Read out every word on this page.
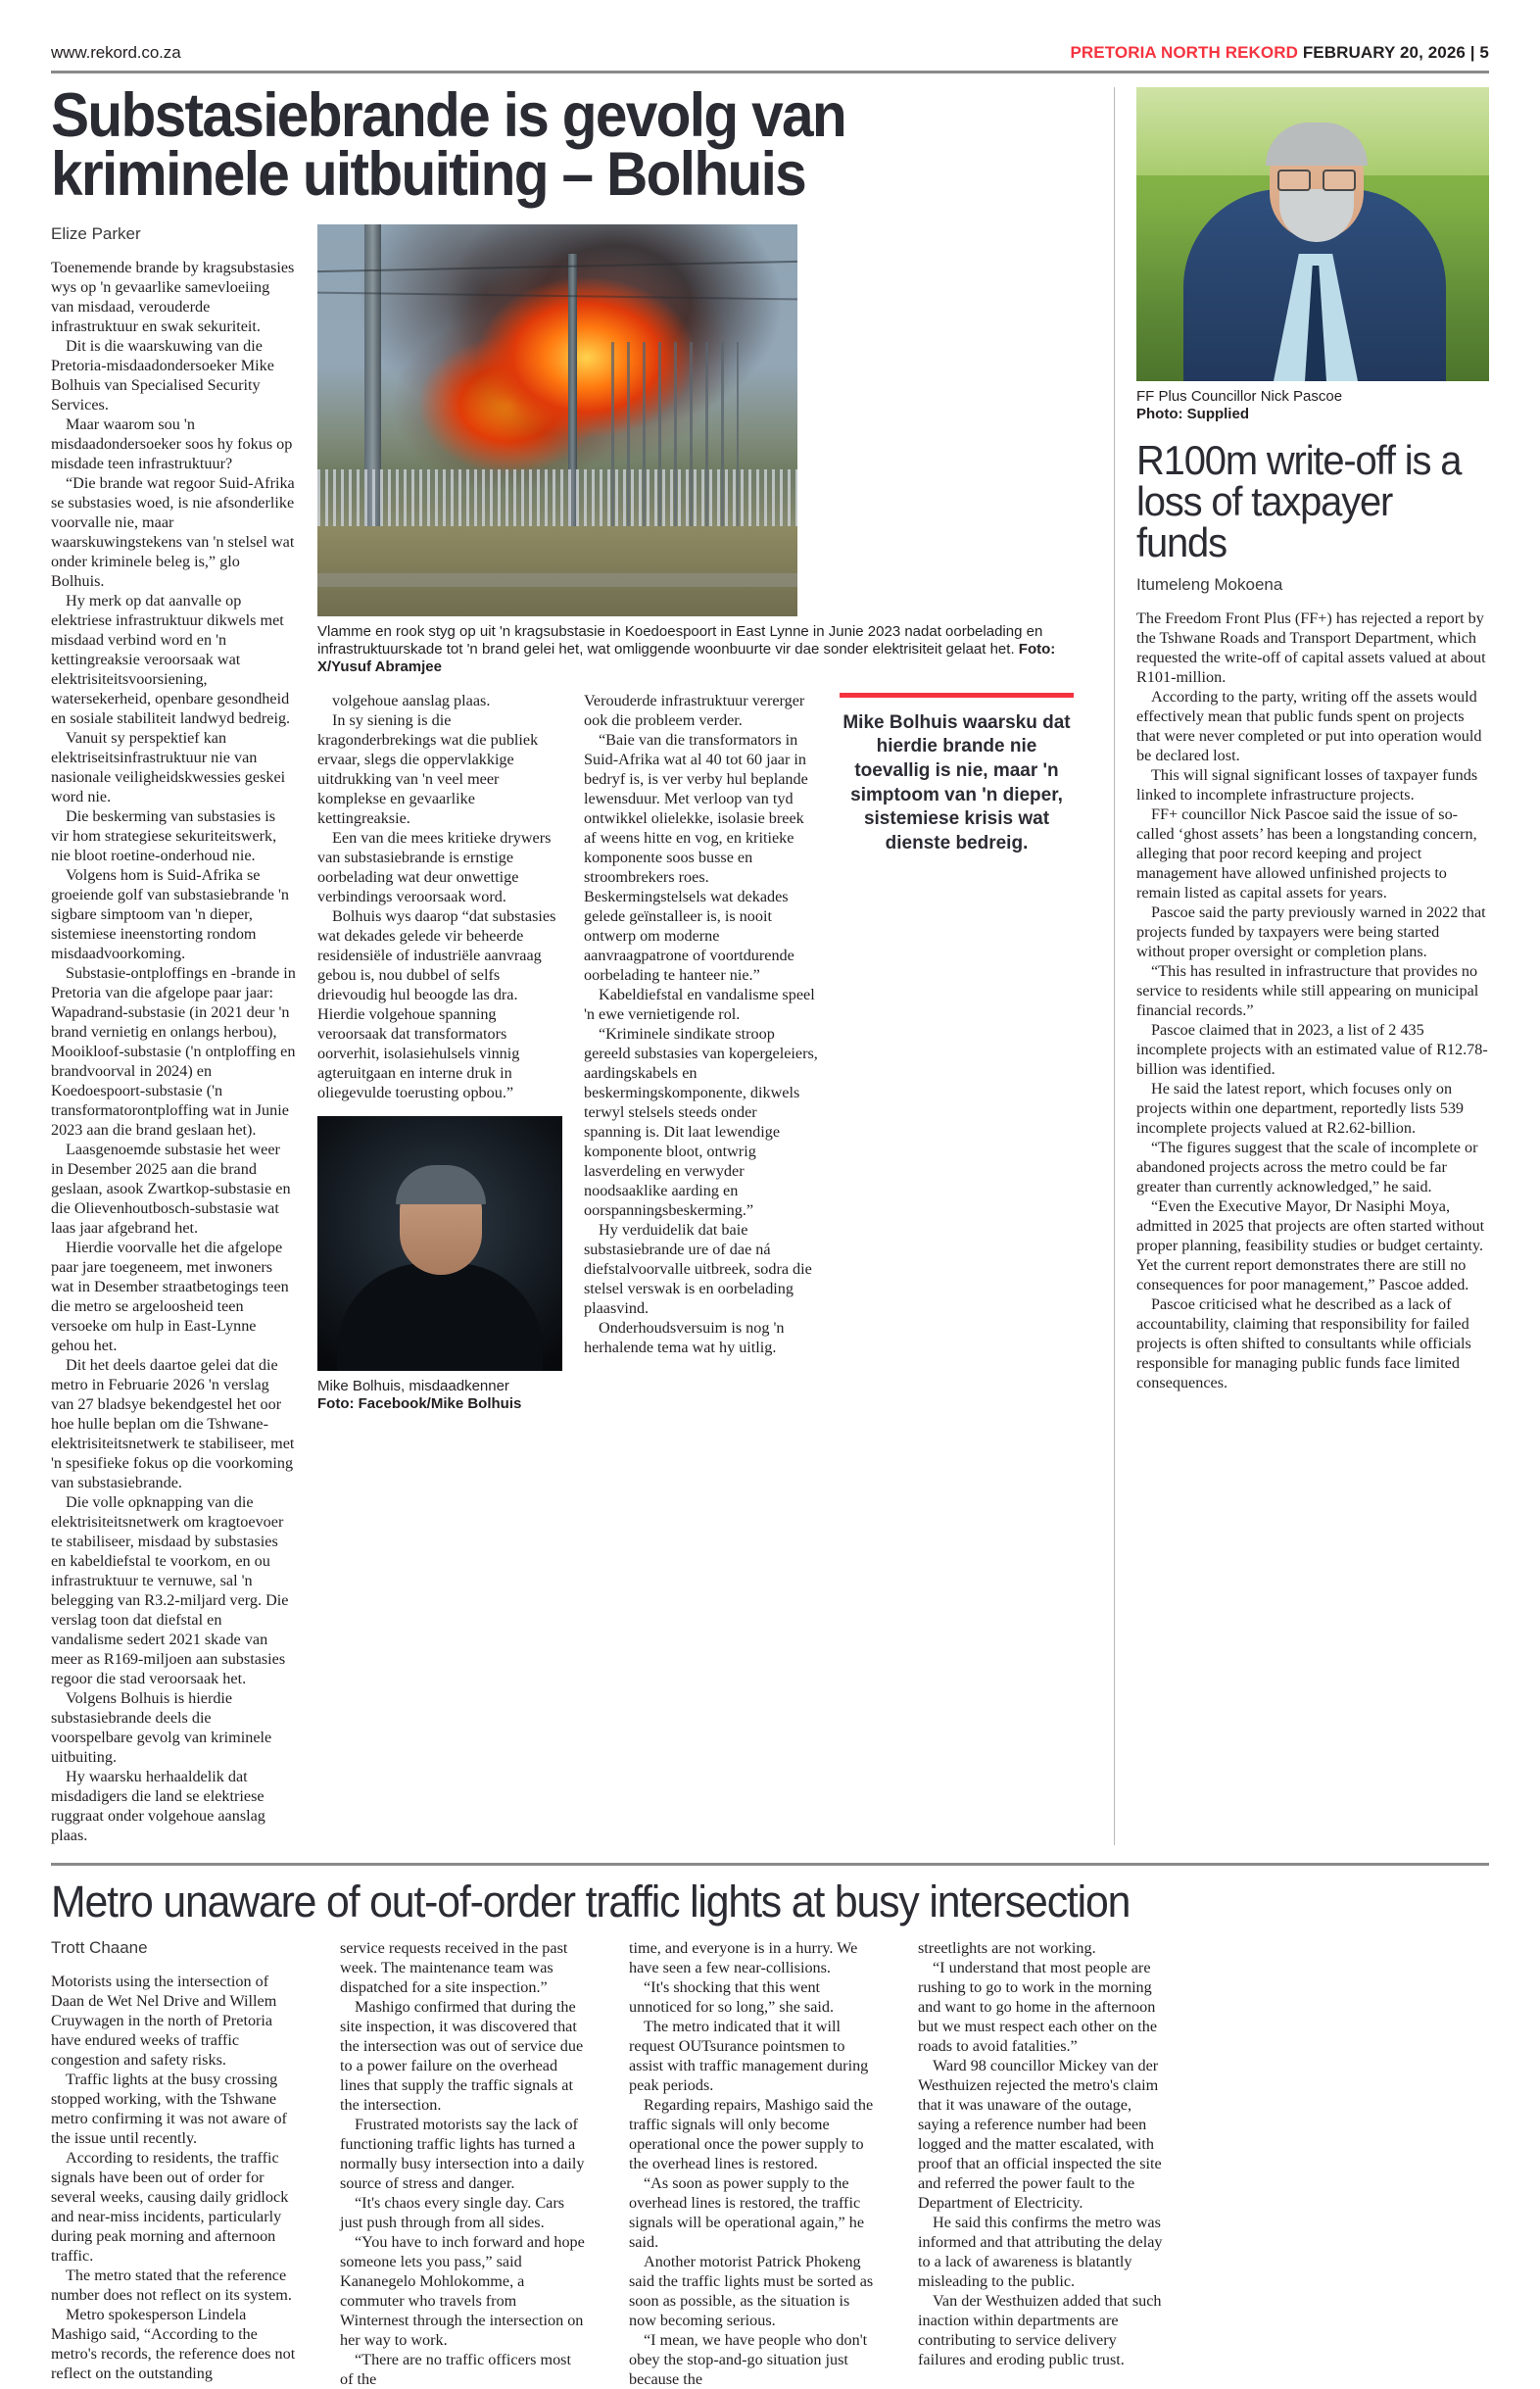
www.rekord.co.za	PRETORIA NORTH REKORD FEBRUARY 20, 2026 | 5
Substasiebrande is gevolg van kriminele uitbuiting – Bolhuis
Elize Parker

Toenemende brande by kragsubstasies wys op 'n gevaarlike samevloeiing van misdaad, verouderde infrastruktuur en swak sekuriteit.

Dit is die waarskuwing van die Pretoria-misdaadondersoeker Mike Bolhuis van Specialised Security Services.

Maar waarom sou 'n misdaadondersoeker soos hy fokus op misdade teen infrastruktuur?

“Die brande wat regoor Suid-Afrika se substasies woed, is nie afsonderlike voorvalle nie, maar waarskuwingstekens van 'n stelsel wat onder kriminele beleg is,” glo Bolhuis.

Hy merk op dat aanvalle op elektriese infrastruktuur dikwels met misdaad verbind word en 'n kettingreaksie veroorsaak wat elektrisiteitsvoorsiening, watersekerheid, openbare gesondheid en sosiale stabiliteit landwyd bedreig.

Vanuit sy perspektief kan elektriseitsinfrastruktuur nie van nasionale veiligheidskwessies geskei word nie.

Die beskerming van substasies is vir hom strategiese sekuriteitswerk, nie bloot roetine-onderhoud nie.

Volgens hom is Suid-Afrika se groeiende golf van substasiebrande 'n sigbare simptoom van 'n dieper, sistemiese ineenstorting rondom misdaadvoorkoming.

Substasie-ontploffings en -brande in Pretoria van die afgelope paar jaar: Wapadrand-substasie (in 2021 deur 'n brand vernietig en onlangs herbou), Mooikloof-substasie ('n ontploffing en brandvoorval in 2024) en Koedoespoort-substasie ('n transformatorontploffing wat in Junie 2023 aan die brand geslaan het).

Laasgenoemde substasie het weer in Desember 2025 aan die brand geslaan, asook Zwartkop-substasie en die Olievenhoutbosch-substasie wat laas jaar afgebrand het.

Hierdie voorvalle het die afgelope paar jare toegeneem, met inwoners wat in Desember straatbetogings teen die metro se argeloosheid teen versoeke om hulp in East-Lynne gehou het.

Dit het deels daartoe gelei dat die metro in Februarie 2026 'n verslag van 27 bladsye bekendgestel het oor hoe hulle beplan om die Tshwane-elektrisiteitsnetwerk te stabiliseer, met 'n spesifieke fokus op die voorkoming van substasiebrande.

Die volle opknapping van die elektrisiteitsnetwerk om kragtoevoer te stabiliseer, misdaad by substasies en kabeldiefstal te voorkom, en ou infrastruktuur te vernuwe, sal 'n belegging van R3.2-miljard verg. Die verslag toon dat diefstal en vandalisme sedert 2021 skade van meer as R169-miljoen aan substasies regoor die stad veroorsaak het.

Volgens Bolhuis is hierdie substasiebrande deels die voorspelbare gevolg van kriminele uitbuiting.

Hy waarsku herhaaldelik dat misdadigers die land se elektriese ruggraat onder volgehoue aanslag plaas.

Vlamme en rook styg op uit 'n kragsubstasie in Koedoespoort in East Lynne in Junie 2023 nadat oorbelading en infrastruktuurskade tot 'n brand gelei het, wat omliggende woonbuurte vir dae sonder elektrisiteit gelaat het. Foto: X/Yusuf Abramjee

volgehoue aanslag plaas.

In sy siening is die kragonderbrekings wat die publiek ervaar, slegs die oppervlakkige uitdrukking van 'n veel meer komplekse en gevaarlike kettingreaksie.

Een van die mees kritieke drywers van substasiebrande is ernstige oorbelading wat deur onwettige verbindings veroorsaak word.

Bolhuis wys daarop “dat substasies wat dekades gelede vir beheerde residensiële of industriële aanvraag gebou is, nou dubbel of selfs drievoudig hul beoogde las dra. Hierdie volgehoue spanning veroorsaak dat transformators oorverhit, isolasiehulsels vinnig agteruitgaan en interne druk in oliegevulde toerusting opbou.”

Mike Bolhuis, misdaadkenner
Foto: Facebook/Mike Bolhuis

Verouderde infrastruktuur vererger ook die probleem verder.

“Baie van die transformators in Suid-Afrika wat al 40 tot 60 jaar in bedryf is, is ver verby hul beplande lewensduur. Met verloop van tyd ontwikkel olielekke, isolasie breek af weens hitte en vog, en kritieke komponente soos busse en stroombrekers roes. Beskermingstelsels wat dekades gelede geïnstalleer is, is nooit ontwerp om moderne aanvraagpatrone of voortdurende oorbelading te hanteer nie.”

Kabeldiefstal en vandalisme speel 'n ewe vernietigende rol.

“Kriminele sindikate stroop gereeld substasies van kopergeleiers, aardingskabels en beskermingskomponente, dikwels terwyl stelsels steeds onder spanning is. Dit laat lewendige komponente bloot, ontwrig lasverdeling en verwyder noodsaaklike aarding en oorspanningsbeskerming.”

Hy verduidelik dat baie substasiebrande ure of dae ná diefstalvoorvalle uitbreek, sodra die stelsel verswak is en oorbelading plaasvind.

Onderhoudsversuim is nog 'n herhalende tema wat hy uitlig.

Mike Bolhuis waarsku dat hierdie brande nie toevallig is nie, maar 'n simptoom van 'n dieper, sistemiese krisis wat dienste bedreig.
FF Plus Councillor Nick Pascoe
Photo: Supplied
R100m write-off is a loss of taxpayer funds
Itumeleng Mokoena

The Freedom Front Plus (FF+) has rejected a report by the Tshwane Roads and Transport Department, which requested the write-off of capital assets valued at about R101-million.

According to the party, writing off the assets would effectively mean that public funds spent on projects that were never completed or put into operation would be declared lost.

This will signal significant losses of taxpayer funds linked to incomplete infrastructure projects.

FF+ councillor Nick Pascoe said the issue of so-called ‘ghost assets’ has been a longstanding concern, alleging that poor record keeping and project management have allowed unfinished projects to remain listed as capital assets for years.

Pascoe said the party previously warned in 2022 that projects funded by taxpayers were being started without proper oversight or completion plans.

“This has resulted in infrastructure that provides no service to residents while still appearing on municipal financial records.”

Pascoe claimed that in 2023, a list of 2 435 incomplete projects with an estimated value of R12.78-billion was identified.

He said the latest report, which focuses only on projects within one department, reportedly lists 539 incomplete projects valued at R2.62-billion.

“The figures suggest that the scale of incomplete or abandoned projects across the metro could be far greater than currently acknowledged,” he said.

“Even the Executive Mayor, Dr Nasiphi Moya, admitted in 2025 that projects are often started without proper planning, feasibility studies or budget certainty. Yet the current report demonstrates there are still no consequences for poor management,” Pascoe added.

Pascoe criticised what he described as a lack of accountability, claiming that responsibility for failed projects is often shifted to consultants while officials responsible for managing public funds face limited consequences.

Metro unaware of out-of-order traffic lights at busy intersection
Trott Chaane

Motorists using the intersection of Daan de Wet Nel Drive and Willem Cruywagen in the north of Pretoria have endured weeks of traffic congestion and safety risks.

Traffic lights at the busy crossing stopped working, with the Tshwane metro confirming it was not aware of the issue until recently.

According to residents, the traffic signals have been out of order for several weeks, causing daily gridlock and near-miss incidents, particularly during peak morning and afternoon traffic.

The metro stated that the reference number does not reflect on its system.

Metro spokesperson Lindela Mashigo said, “According to the metro's records, the reference does not reflect on the outstanding

service requests received in the past week. The maintenance team was dispatched for a site inspection.”

Mashigo confirmed that during the site inspection, it was discovered that the intersection was out of service due to a power failure on the overhead lines that supply the traffic signals at the intersection.

Frustrated motorists say the lack of functioning traffic lights has turned a normally busy intersection into a daily source of stress and danger.

“It's chaos every single day. Cars just push through from all sides.

“You have to inch forward and hope someone lets you pass,” said Kananegelo Mohlokomme, a commuter who travels from Winternest through the intersection on her way to work.

“There are no traffic officers most of the

time, and everyone is in a hurry. We have seen a few near-collisions.

“It's shocking that this went unnoticed for so long,” she said.

The metro indicated that it will request OUTsurance pointsmen to assist with traffic management during peak periods.

Regarding repairs, Mashigo said the traffic signals will only become operational once the power supply to the overhead lines is restored.

“As soon as power supply to the overhead lines is restored, the traffic signals will be operational again,” he said.

Another motorist Patrick Phokeng said the traffic lights must be sorted as soon as possible, as the situation is now becoming serious.

“I mean, we have people who don't obey the stop-and-go situation just because the

streetlights are not working.

“I understand that most people are rushing to go to work in the morning and want to go home in the afternoon but we must respect each other on the roads to avoid fatalities.”

Ward 98 councillor Mickey van der Westhuizen rejected the metro's claim that it was unaware of the outage, saying a reference number had been logged and the matter escalated, with proof that an official inspected the site and referred the power fault to the Department of Electricity.

He said this confirms the metro was informed and that attributing the delay to a lack of awareness is blatantly misleading to the public.

Van der Westhuizen added that such inaction within departments are contributing to service delivery failures and eroding public trust.
